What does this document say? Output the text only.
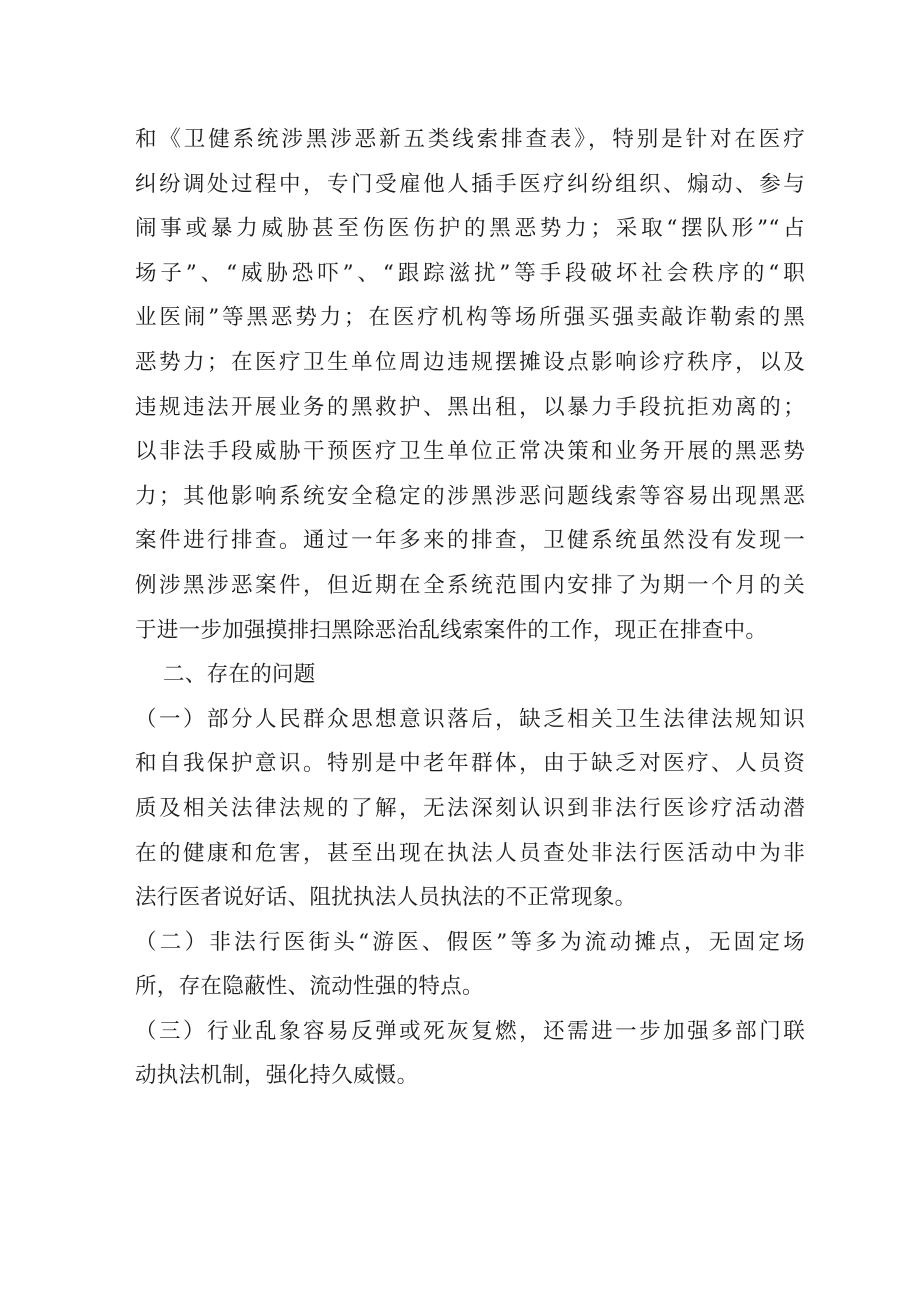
和《卫健系统涉黑涉恶新五类线索排查表》，特别是针对在医疗
纠纷调处过程中，专门受雇他人插手医疗纠纷组织、煽动、参与
闹事或暴力威胁甚至伤医伤护的黑恶势力；采取“摆队形”“占
场子”、“威胁恐吓”、“跟踪滋扰”等手段破坏社会秩序的“职
业医闹”等黑恶势力；在医疗机构等场所强买强卖敲诈勒索的黑
恶势力；在医疗卫生单位周边违规摆摊设点影响诊疗秩序，以及
违规违法开展业务的黑救护、黑出租，以暴力手段抗拒劝离的；
以非法手段威胁干预医疗卫生单位正常决策和业务开展的黑恶势
力；其他影响系统安全稳定的涉黑涉恶问题线索等容易出现黑恶
案件进行排查。通过一年多来的排查，卫健系统虽然没有发现一
例涉黑涉恶案件，但近期在全系统范围内安排了为期一个月的关
于进一步加强摸排扫黑除恶治乱线索案件的工作，现正在排查中。
二、存在的问题
（一）部分人民群众思想意识落后，缺乏相关卫生法律法规知识
和自我保护意识。特别是中老年群体，由于缺乏对医疗、人员资
质及相关法律法规的了解，无法深刻认识到非法行医诊疗活动潜
在的健康和危害，甚至出现在执法人员查处非法行医活动中为非
法行医者说好话、阻扰执法人员执法的不正常现象。
（二）非法行医街头“游医、假医”等多为流动摊点，无固定场
所，存在隐蔽性、流动性强的特点。
（三）行业乱象容易反弹或死灰复燃，还需进一步加强多部门联
动执法机制，强化持久威慑。
